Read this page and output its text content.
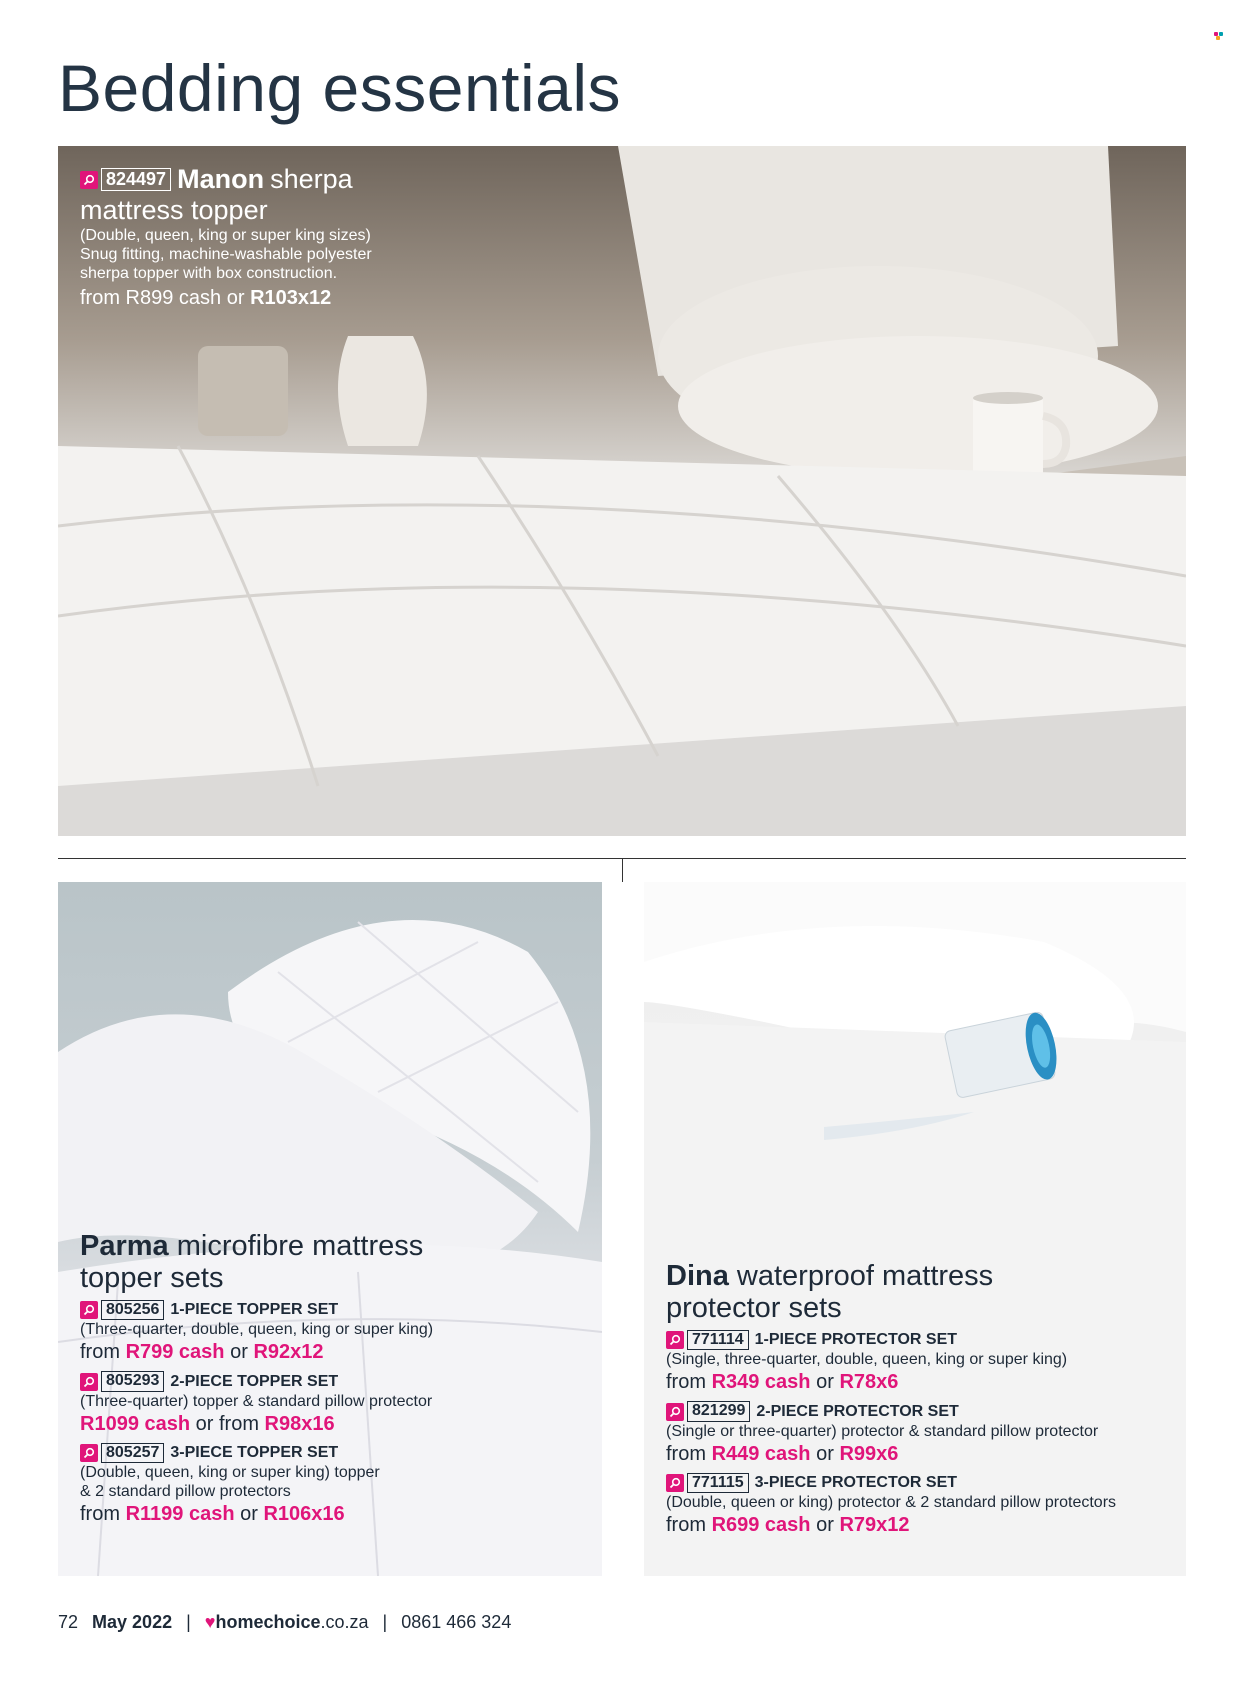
Bedding essentials
824497 Manon sherpa
mattress topper
(Double, queen, king or super king sizes)
Snug fitting, machine-washable polyester
sherpa topper with box construction.
from R899 cash or R103x12
Parma microfibre mattress
topper sets
805256 1-PIECE TOPPER SET
(Three-quarter, double, queen, king or super king)
from R799 cash or R92x12
805293 2-PIECE TOPPER SET
(Three-quarter) topper & standard pillow protector
R1099 cash or from R98x16
805257 3-PIECE TOPPER SET
(Double, queen, king or super king) topper
& 2 standard pillow protectors
from R1199 cash or R106x16
Dina waterproof mattress
protector sets
771114 1-PIECE PROTECTOR SET
(Single, three-quarter, double, queen, king or super king)
from R349 cash or R78x6
821299 2-PIECE PROTECTOR SET
(Single or three-quarter) protector & standard pillow protector
from R449 cash or R99x6
771115 3-PIECE PROTECTOR SET
(Double, queen or king) protector & 2 standard pillow protectors
from R699 cash or R79x12
72 May 2022 | ♥homechoice.co.za | 0861 466 324
